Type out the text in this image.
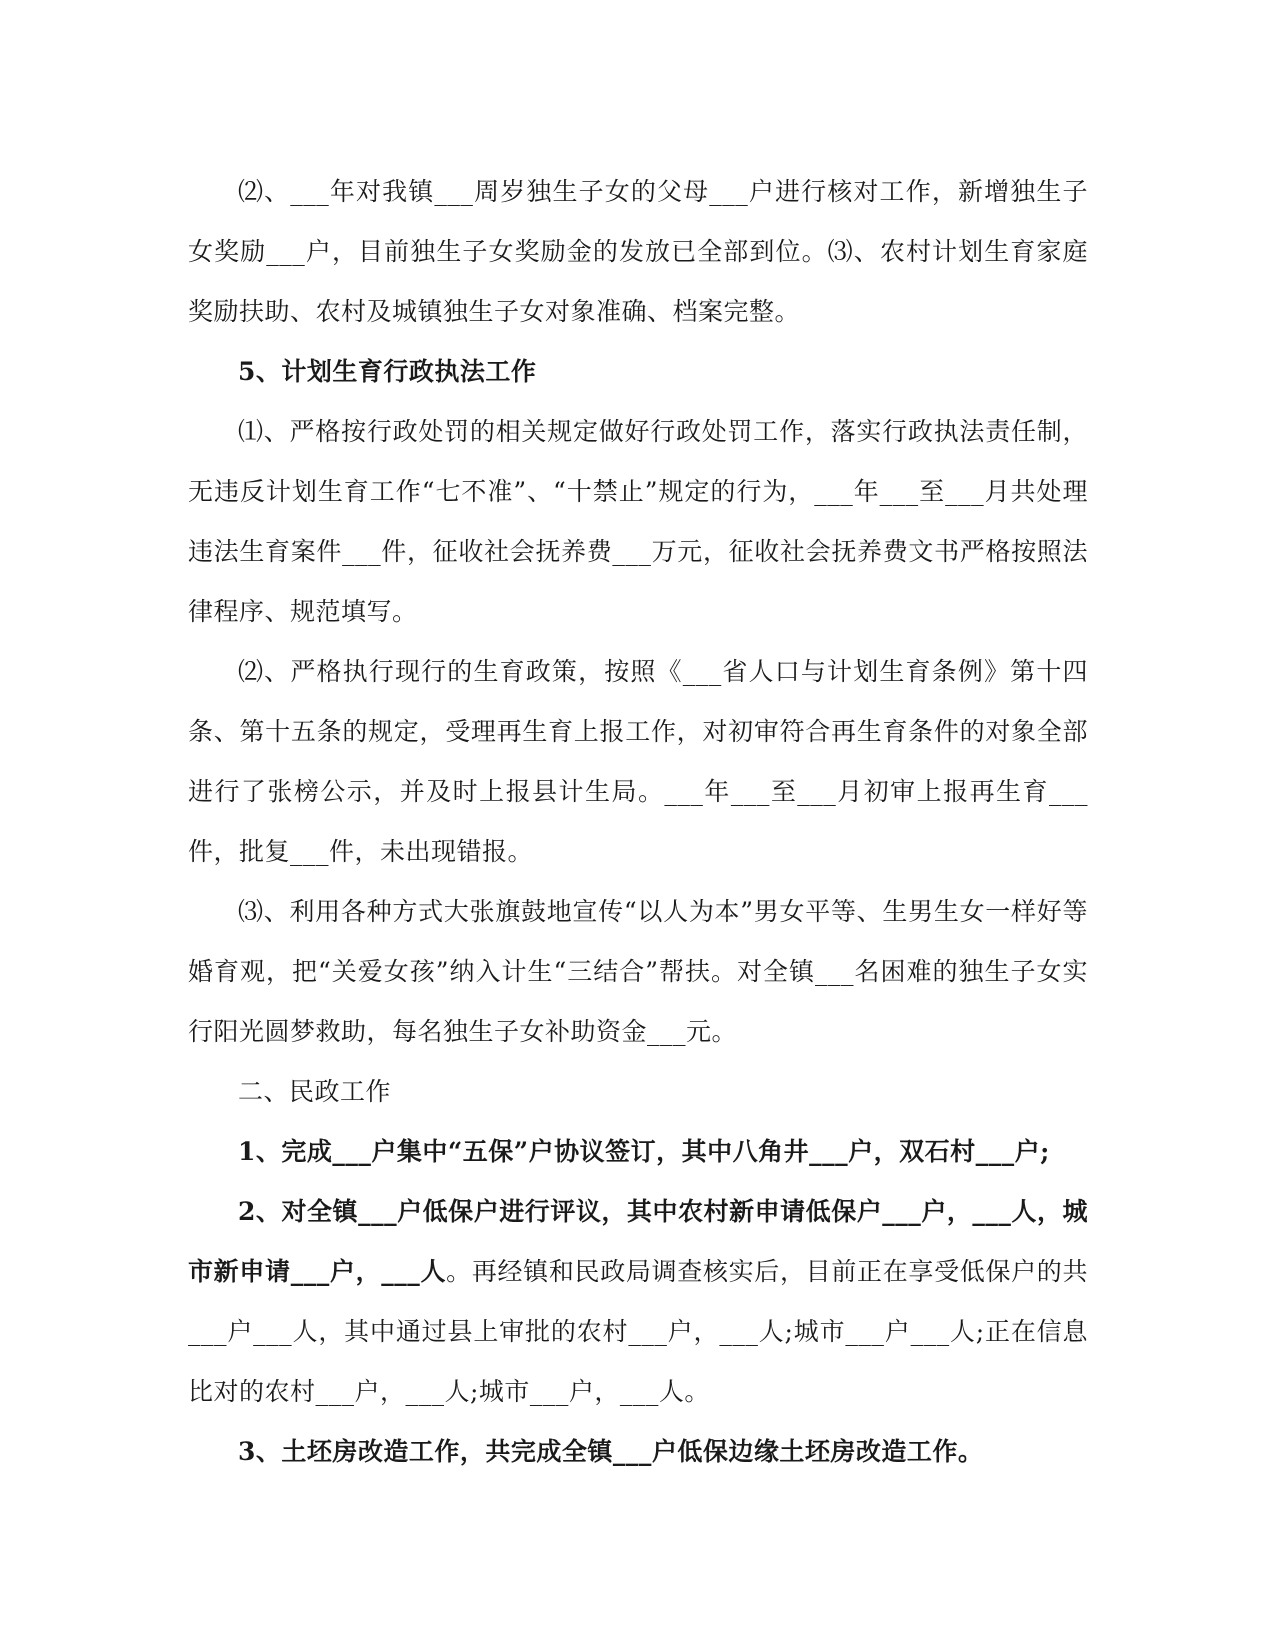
⑵、___年对我镇___周岁独生子女的父母___户进行核对工作，新增独生子女奖励___户，目前独生子女奖励金的发放已全部到位。⑶、农村计划生育家庭奖励扶助、农村及城镇独生子女对象准确、档案完整。

5、计划生育行政执法工作

⑴、严格按行政处罚的相关规定做好行政处罚工作，落实行政执法责任制，无违反计划生育工作“七不准”、“十禁止”规定的行为，___年___至___月共处理违法生育案件___件，征收社会抚养费___万元，征收社会抚养费文书严格按照法律程序、规范填写。

⑵、严格执行现行的生育政策，按照《___省人口与计划生育条例》第十四条、第十五条的规定，受理再生育上报工作，对初审符合再生育条件的对象全部进行了张榜公示，并及时上报县计生局。___年___至___月初审上报再生育___件，批复___件，未出现错报。

⑶、利用各种方式大张旗鼓地宣传“以人为本”男女平等、生男生女一样好等婚育观，把“关爱女孩”纳入计生“三结合”帮扶。对全镇___名困难的独生子女实行阳光圆梦救助，每名独生子女补助资金___元。

二、民政工作

1、完成___户集中“五保”户协议签订，其中八角井___户，双石村___户;

2、对全镇___户低保户进行评议，其中农村新申请低保户___户，___人，城市新申请___户，___人。再经镇和民政局调查核实后，目前正在享受低保户的共___户___人，其中通过县上审批的农村___户，___人;城市___户___人;正在信息比对的农村___户，___人;城市___户，___人。

3、土坯房改造工作，共完成全镇___户低保边缘土坯房改造工作。
